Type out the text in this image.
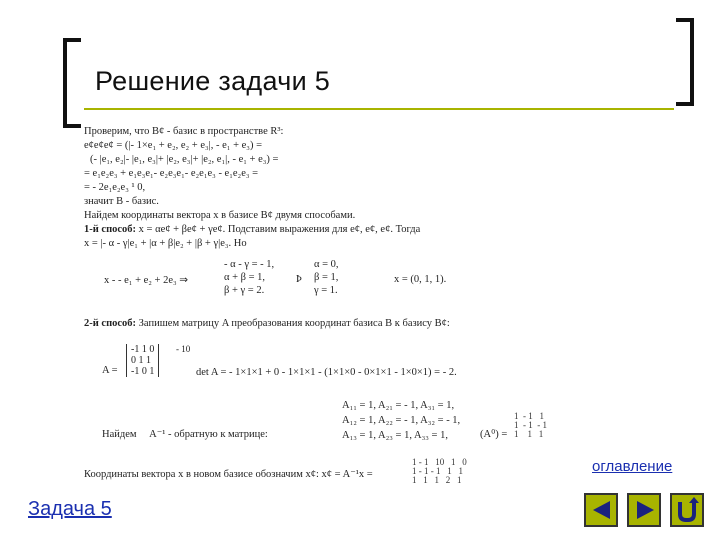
Решение задачи 5
Проверим, что B¢ - базис в пространстве R³:
e¢e¢e¢ = (|- 1×e₁ + e₂, e₂ + e₃|, - e₁ + e₃) =
(- |e₁, e₂|- |e₁, e₃|+ |e₂, e₃|+ |e₂, e₁|, - e₁ + e₃) =
= e₁e₂e₃ + e₁e₃e₁- e₂e₃e₁- e₂e₁e₃ - e₁e₂e₃ =
= - 2e₁e₂e₃ ¹ 0,
значит B - базис.
Найдем координаты вектора x в базисе B¢ двумя способами.
1-й способ: x = αe¢ + βe¢ + γe¢. Подставим выражения для e¢, e¢, e¢. Тогда
x = |- α - γ|e₁ + |α + β|e₂ + |β + γ|e₃. Но
x - - e₁ + e₂ + 2e₃ ⇒
- α - γ = - 1,
α + β = 1,
β + γ = 2.
Þ
α = 0,
β = 1,
γ = 1.
x = (0, 1, 1).
2-й способ: Запишем матрицу A преобразования координат базиса B к базису B¢:
A =
-1 1 0
0 1 1
-1 0 1
- 10
det A = - 1×1×1 + 0 - 1×1×1 - (1×1×0 - 0×1×1 - 1×0×1) = - 2.
A₁₁ = 1, A₂₁ = - 1, A₃₁ = 1,
A₁₂ = 1, A₂₂ = - 1, A₃₂ = - 1,
A₁₃ = 1, A₂₃ = 1, A₃₃ = 1,
Найдем A⁻¹ - обратную к матрице:	(A⁰) =
1  - 1   1
1  - 1  - 1
1    1   1
Координаты вектора x в новом базисе обозначим x¢: x¢ = A⁻¹x =
1 - 1   10   1   0
1 - 1 - 1   1   1
1   1   1   2   1
оглавление
Задача 5
